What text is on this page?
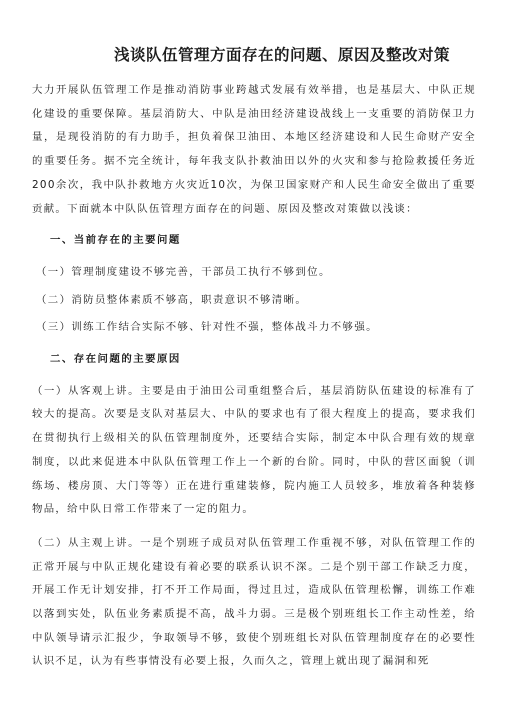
浅谈队伍管理方面存在的问题、原因及整改对策

大力开展队伍管理工作是推动消防事业跨越式发展有效举措，也是基层大、中队正规化建设的重要保障。基层消防大、中队是油田经济建设战线上一支重要的消防保卫力量，是现役消防的有力助手，担负着保卫油田、本地区经济建设和人民生命财产安全的重要任务。据不完全统计，每年我支队扑救油田以外的火灾和参与抢险救援任务近200余次，我中队扑救地方火灾近10次，为保卫国家财产和人民生命安全做出了重要贡献。下面就本中队队伍管理方面存在的问题、原因及整改对策做以浅谈：

一、当前存在的主要问题

（一）管理制度建设不够完善，干部员工执行不够到位。

（二）消防员整体素质不够高，职责意识不够清晰。

（三）训练工作结合实际不够、针对性不强，整体战斗力不够强。

二、存在问题的主要原因

（一）从客观上讲。主要是由于油田公司重组整合后，基层消防队伍建设的标准有了较大的提高。次要是支队对基层大、中队的要求也有了很大程度上的提高，要求我们在贯彻执行上级相关的队伍管理制度外，还要结合实际，制定本中队合理有效的规章制度，以此来促进本中队队伍管理工作上一个新的台阶。同时，中队的营区面貌（训练场、楼房顶、大门等等）正在进行重建装修，院内施工人员较多，堆放着各种装修物品，给中队日常工作带来了一定的阻力。

（二）从主观上讲。一是个别班子成员对队伍管理工作重视不够，对队伍管理工作的正常开展与中队正规化建设有着必要的联系认识不深。二是个别干部工作缺乏力度，开展工作无计划安排，打不开工作局面，得过且过，造成队伍管理松懈，训练工作难以落到实处，队伍业务素质提不高，战斗力弱。三是极个别班组长工作主动性差，给中队领导请示汇报少，争取领导不够，致使个别班组长对队伍管理制度存在的必要性认识不足，认为有些事情没有必要上报，久而久之，管理上就出现了漏洞和死
